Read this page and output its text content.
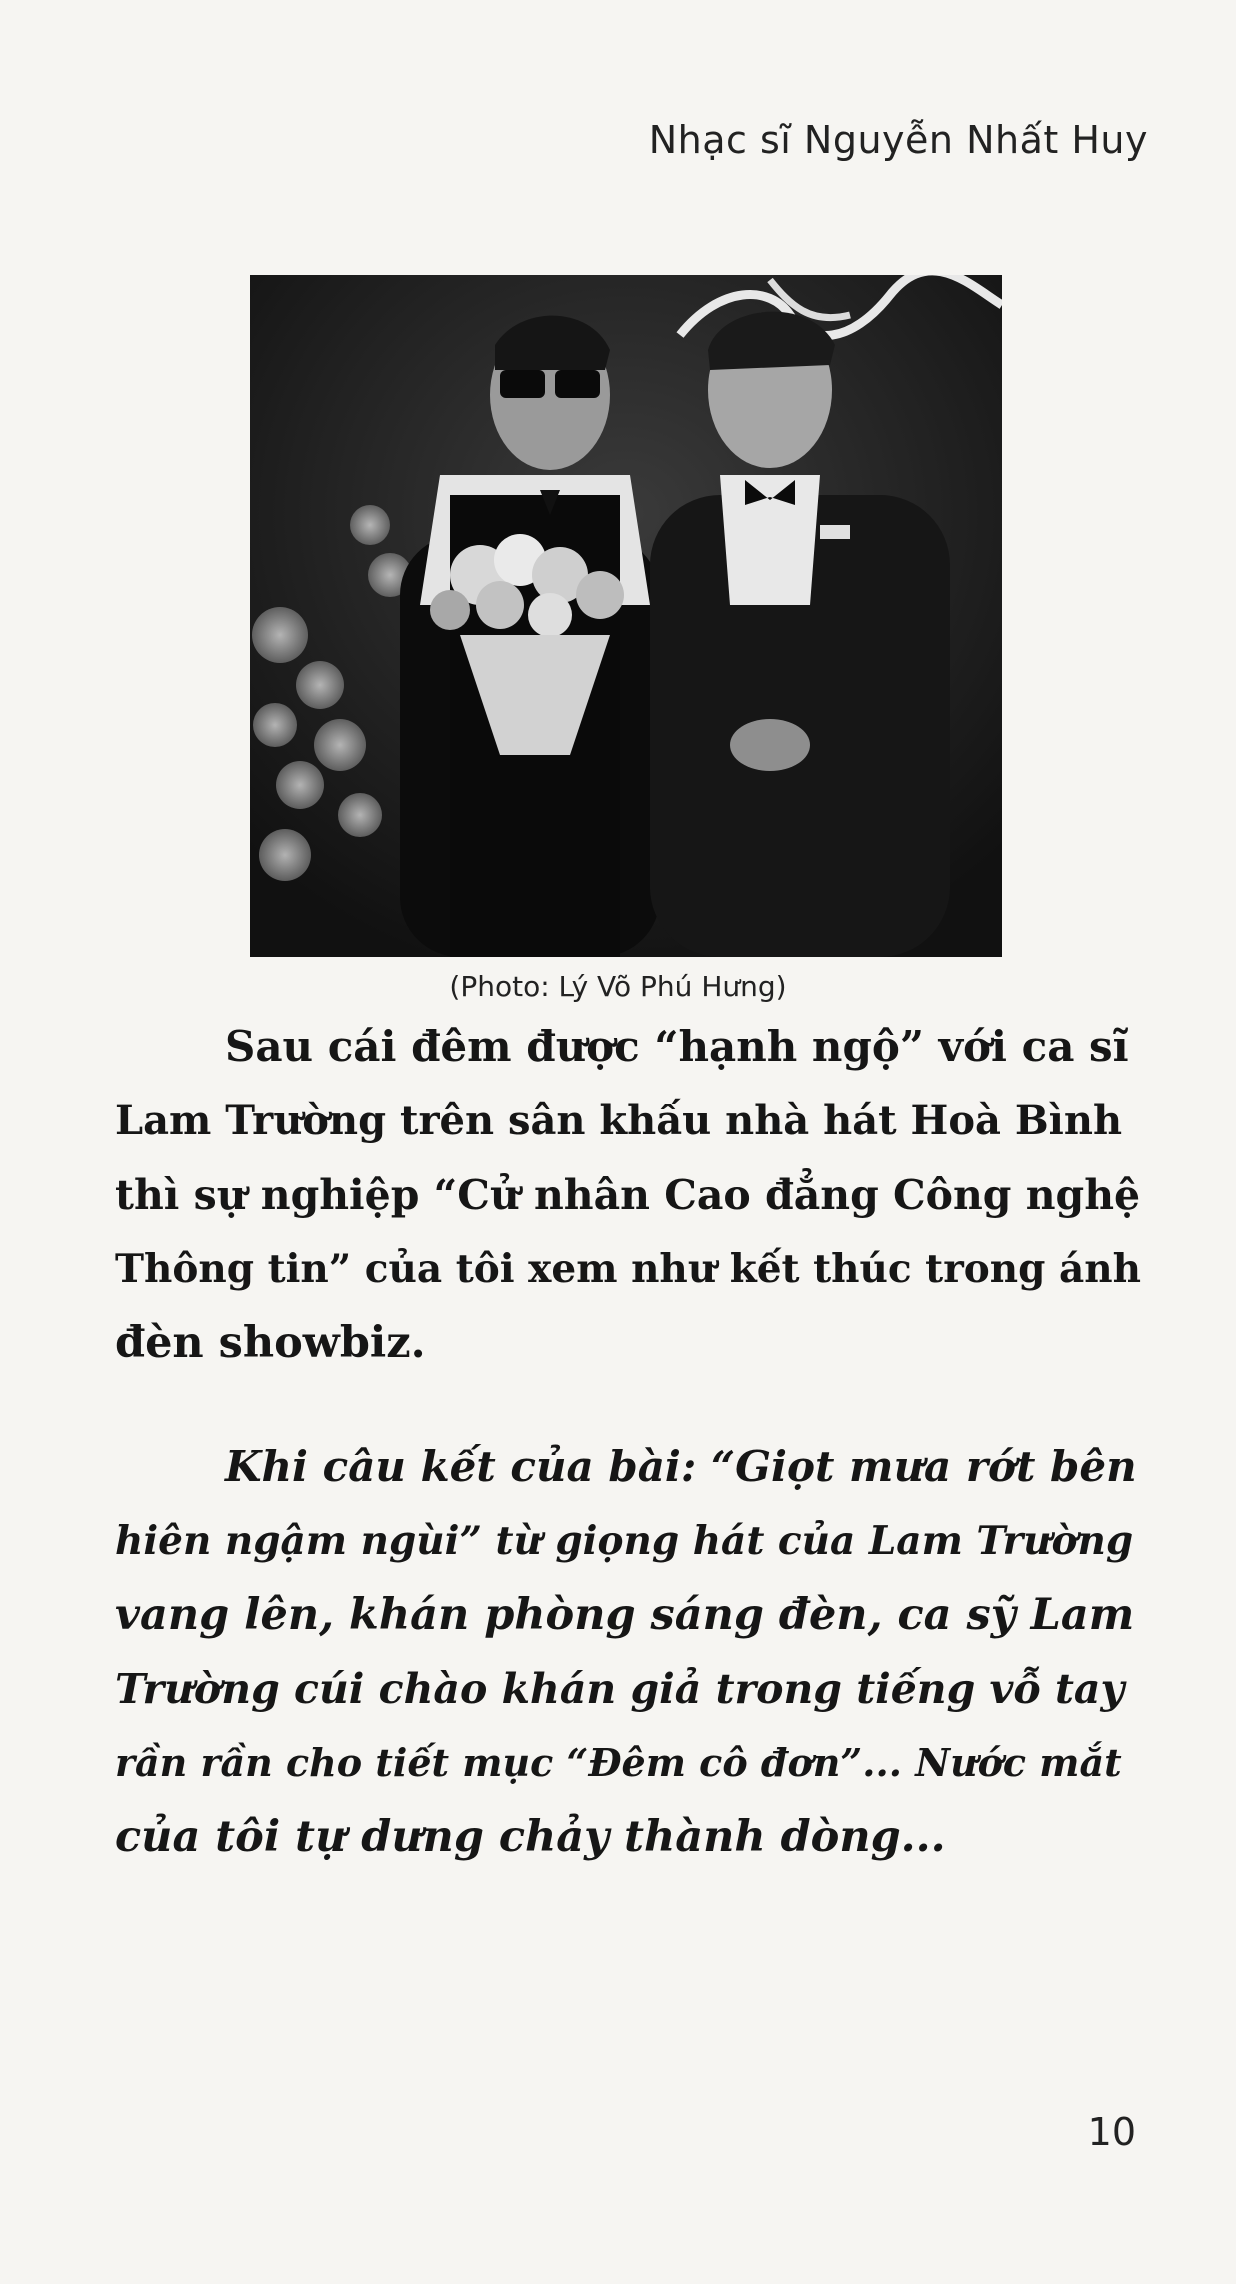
Nhạc sĩ Nguyễn Nhất Huy
(Photo: Lý Võ Phú Hưng)
Sau cái đêm được “hạnh ngộ” với ca sĩ
Lam Trường trên sân khấu nhà hát Hoà Bình
thì sự nghiệp “Cử nhân Cao đẳng Công nghệ
Thông tin” của tôi xem như kết thúc trong ánh
đèn showbiz.
Khi câu kết của bài: “Giọt mưa rớt bên
hiên ngậm ngùi” từ giọng hát của Lam Trường
vang lên, khán phòng sáng đèn, ca sỹ Lam
Trường cúi chào khán giả trong tiếng vỗ tay
rần rần cho tiết mục “Đêm cô đơn”... Nước mắt
của tôi tự dưng chảy thành dòng...
10
